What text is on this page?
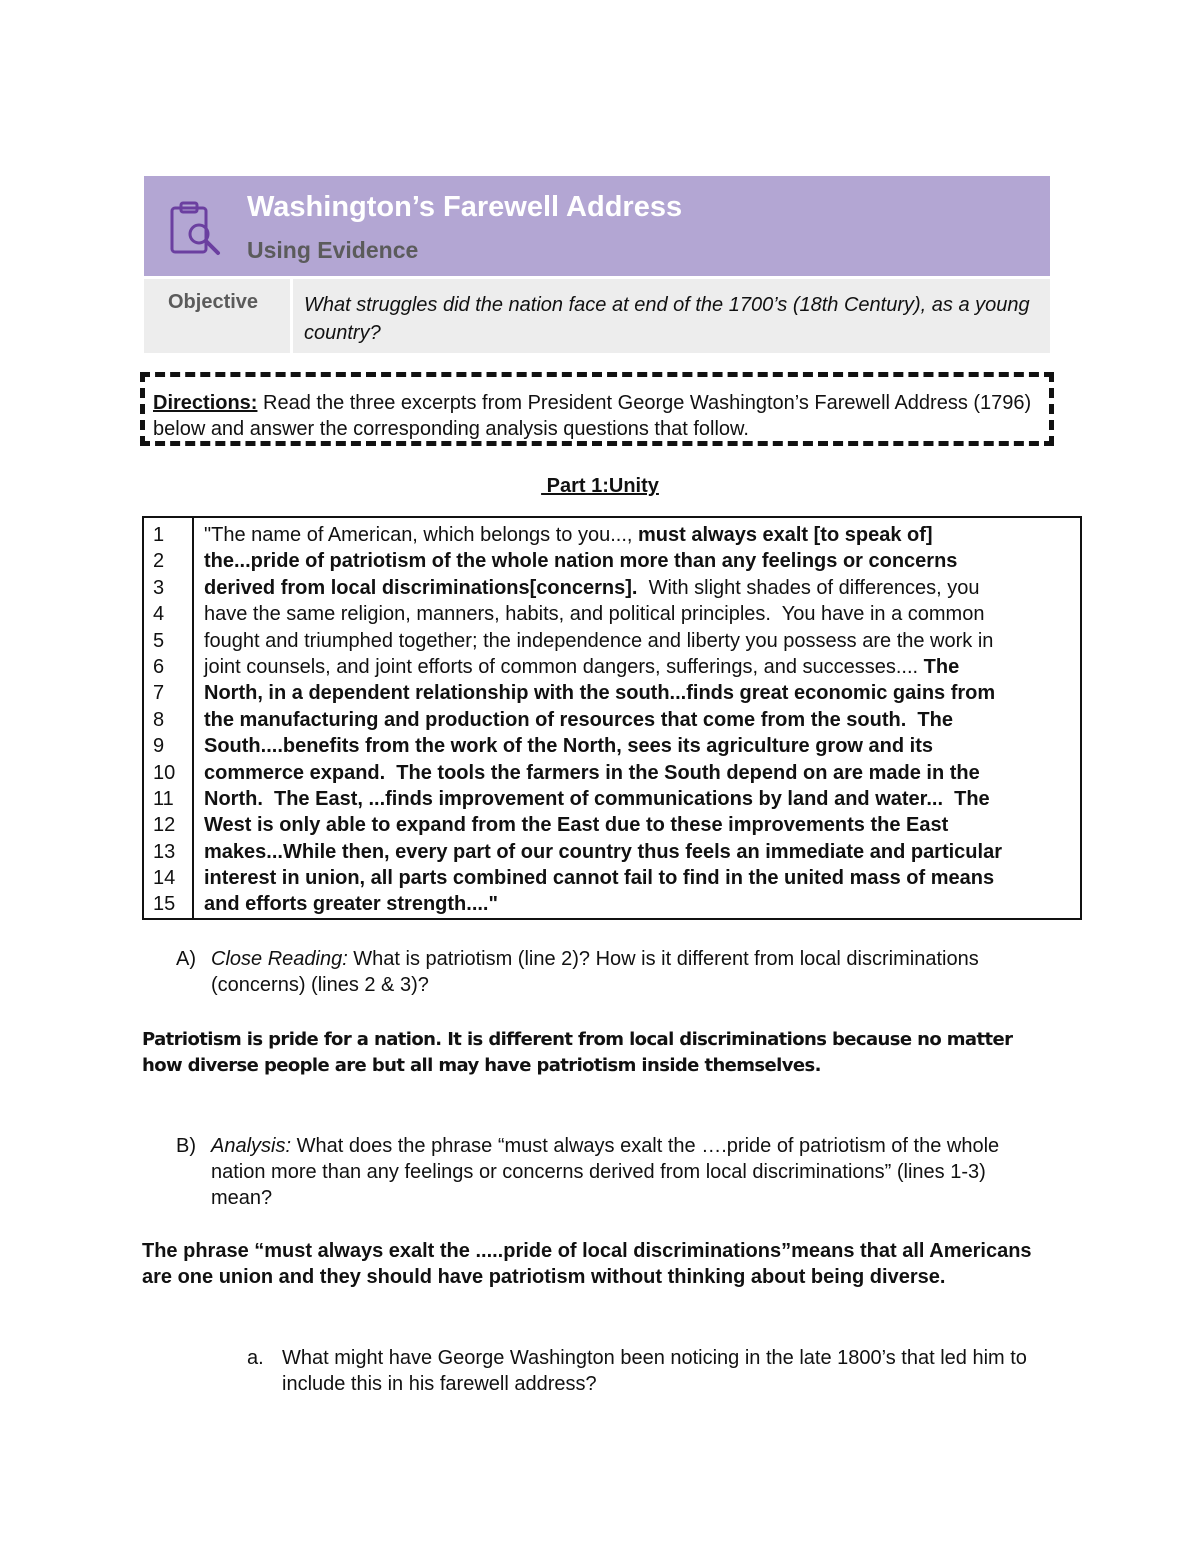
Washington’s Farewell Address
Using Evidence
Objective What struggles did the nation face at end of the 1700’s (18th Century), as a young country?
Directions: Read the three excerpts from President George Washington’s Farewell Address (1796) below and answer the corresponding analysis questions that follow.
Part 1:Unity
1
2
3
4
5
6
7
8
9
10
11
12
13
14
15
"The name of American, which belongs to you..., must always exalt [to speak of]
the...pride of patriotism of the whole nation more than any feelings or concerns
derived from local discriminations[concerns].  With slight shades of differences, you
have the same religion, manners, habits, and political principles.  You have in a common
fought and triumphed together; the independence and liberty you possess are the work in
joint counsels, and joint efforts of common dangers, sufferings, and successes.... The
North, in a dependent relationship with the south...finds great economic gains from
the manufacturing and production of resources that come from the south.  The
South....benefits from the work of the North, sees its agriculture grow and its
commerce expand.  The tools the farmers in the South depend on are made in the
North.  The East, ...finds improvement of communications by land and water...  The
West is only able to expand from the East due to these improvements the East
makes...While then, every part of our country thus feels an immediate and particular
interest in union, all parts combined cannot fail to find in the united mass of means
and efforts greater strength...."
A) Close Reading: What is patriotism (line 2)? How is it different from local discriminations (concerns) (lines 2 & 3)?
Patriotism is pride for a nation. It is different from local discriminations because no matter how diverse people are but all may have patriotism inside themselves.
B) Analysis: What does the phrase “must always exalt the ….pride of patriotism of the whole nation more than any feelings or concerns derived from local discriminations” (lines 1-3) mean?
The phrase “must always exalt the .....pride of local discriminations”means that all Americans are one union and they should have patriotism without thinking about being diverse.
a. What might have George Washington been noticing in the late 1800’s that led him to include this in his farewell address?
